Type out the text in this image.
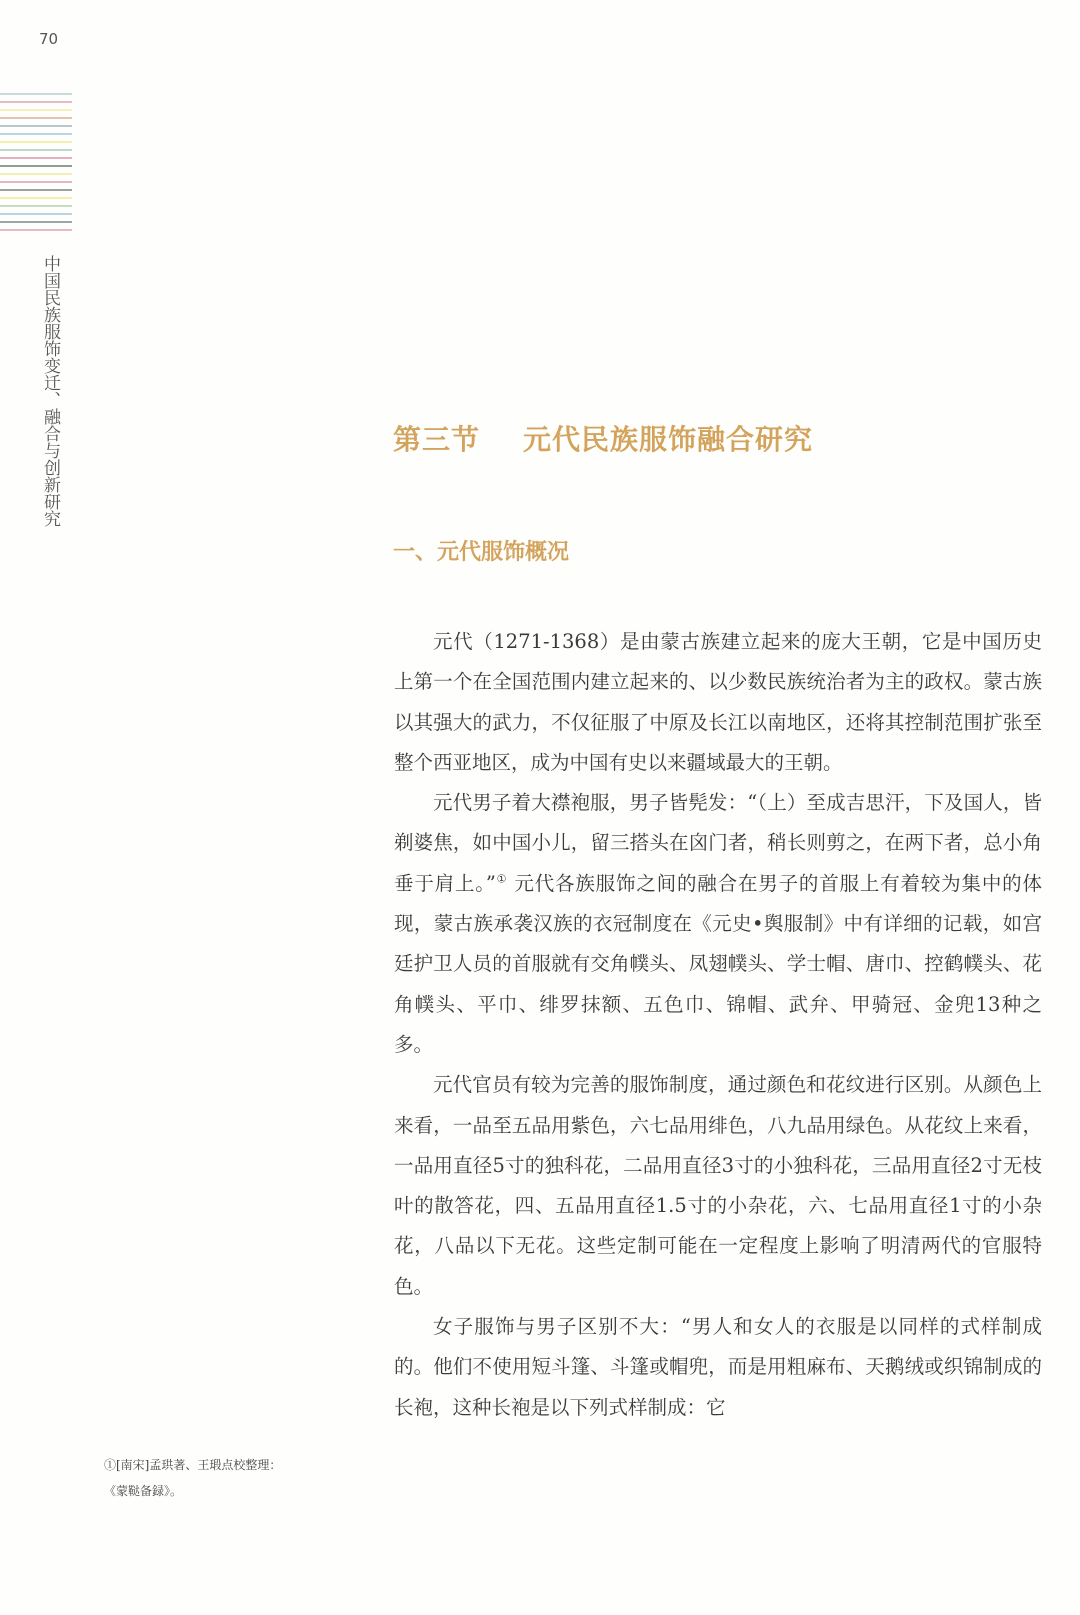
70
中国民族服饰变迁、融合与创新研究	第三节    元代民族服饰融合研究
一、元代服饰概况

元代（1271-1368）是由蒙古族建立起来的庞大王朝，它是中国历史上第一个在全国范围内建立起来的、以少数民族统治者为主的政权。蒙古族以其强大的武力，不仅征服了中原及长江以南地区，还将其控制范围扩张至整个西亚地区，成为中国有史以来疆域最大的王朝。

元代男子着大襟袍服，男子皆髡发：“（上）至成吉思汗，下及国人，皆剃婆焦，如中国小儿，留三搭头在囟门者，稍长则剪之，在两下者，总小角垂于肩上。”① 元代各族服饰之间的融合在男子的首服上有着较为集中的体现，蒙古族承袭汉族的衣冠制度在《元史•舆服制》中有详细的记载，如宫廷护卫人员的首服就有交角幞头、凤翅幞头、学士帽、唐巾、控鹤幞头、花角幞头、平巾、绯罗抹额、五色巾、锦帽、武弁、甲骑冠、金兜13种之多。

元代官员有较为完善的服饰制度，通过颜色和花纹进行区别。从颜色上来看，一品至五品用紫色，六七品用绯色，八九品用绿色。从花纹上来看，一品用直径5寸的独科花，二品用直径3寸的小独科花，三品用直径2寸无枝叶的散答花，四、五品用直径1.5寸的小杂花，六、七品用直径1寸的小杂花，八品以下无花。这些定制可能在一定程度上影响了明清两代的官服特色。

女子服饰与男子区别不大：“男人和女人的衣服是以同样的式样制成的。他们不使用短斗篷、斗篷或帽兜，而是用粗麻布、天鹅绒或织锦制成的长袍，这种长袍是以下列式样制成：它

①[南宋]孟珙著、王瑖点校整理：
《蒙鞑备録》。
